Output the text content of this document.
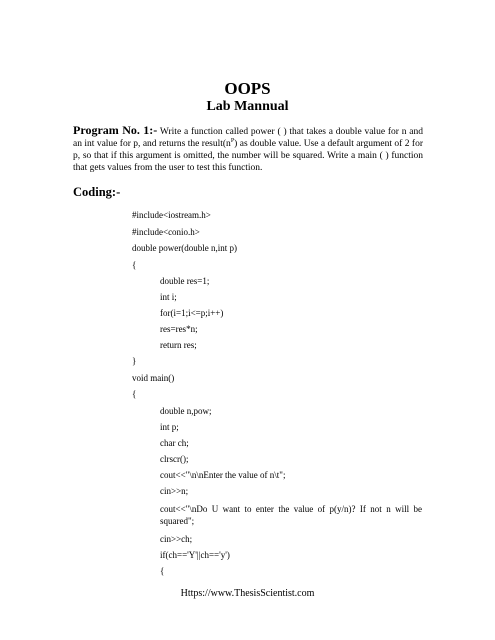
OOPS
Lab Mannual
Program No. 1:- Write a function called power ( ) that takes a double value for n and an int value for p, and returns the $result(n^P)$ as double value. Use a default argument of 2 for p, so that if this argument is omitted, the number will be squared. Write a main ( ) function that gets values from the user to test this function.
Coding:-
#include<iostream.h>
#include<conio.h>
double power(double n,int p)
{
double res=1;
int i;
for(i=1;i<=p;i++)
res=res*n;
return res;
}
void main()
{
double n,pow;
int p;
char ch;
clrscr();
cout<<"\n\nEnter the value of n\t";
cin>>n;
cout<<"\nDo U want to enter the value of p(y/n)? If not n will be squared";
cin>>ch;
if(ch=='Y'||ch=='y')
{
Https://www.ThesisScientist.com
